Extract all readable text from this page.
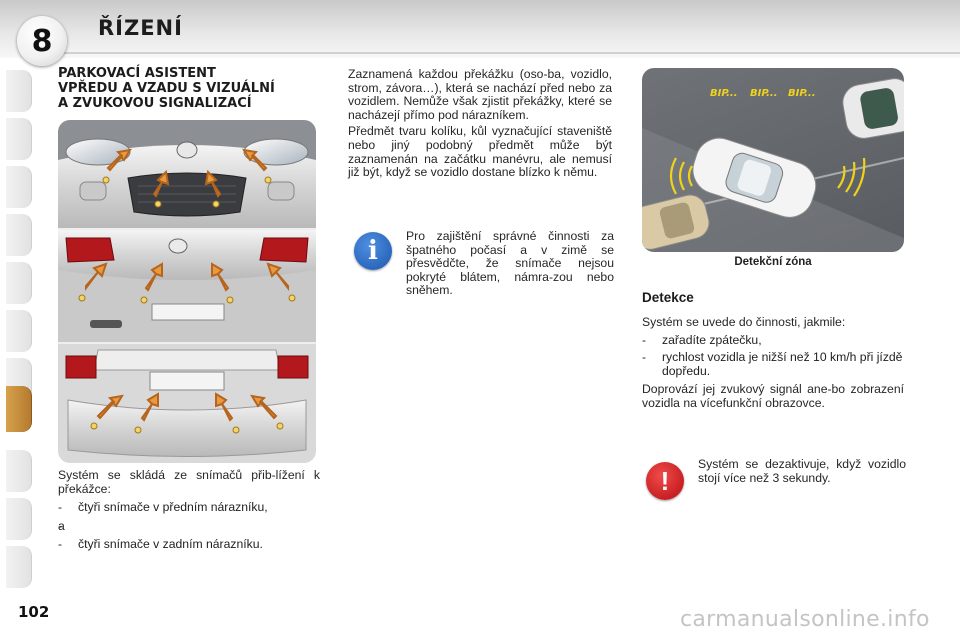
8	ŘÍZENÍ
PARKOVACÍ ASISTENT
VPŘEDU A VZADU S VIZUÁLNÍ
A ZVUKOVOU SIGNALIZACÍ

Systém se skládá ze snímačů přib-lížení k překážce:

- čtyři snímače v předním nárazníku,
- a
- čtyři snímače v zadním nárazníku.

Zaznamená každou překážku (oso-ba, vozidlo, strom, závora…), která se nachází před nebo za vozidlem. Nemůže však zjistit překážky, které se nacházejí přímo pod nárazníkem.

Předmět tvaru kolíku, kůl vyznačující staveniště nebo jiný podobný předmět může být zaznamenán na začátku manévru, ale nemusí již být, když se vozidlo dostane blízko k němu.

i	Pro zajištění správné činnosti za špatného počasí a v zimě se přesvědčte, že snímače nejsou pokryté blátem, námra-zou nebo sněhem.

BIP... BIP... BIP...
Detekční zóna
Detekce

Systém se uvede do činnosti, jakmile:

- zařadíte zpátečku,
- rychlost vozidla je nižší než 10 km/h při jízdě dopředu.

Doprovází jej zvukový signál ane-bo zobrazení vozidla na vícefunkční obrazovce.

!

Systém se dezaktivuje, když vozidlo stojí více než 3 sekundy.

102	carmanualsonline.info
